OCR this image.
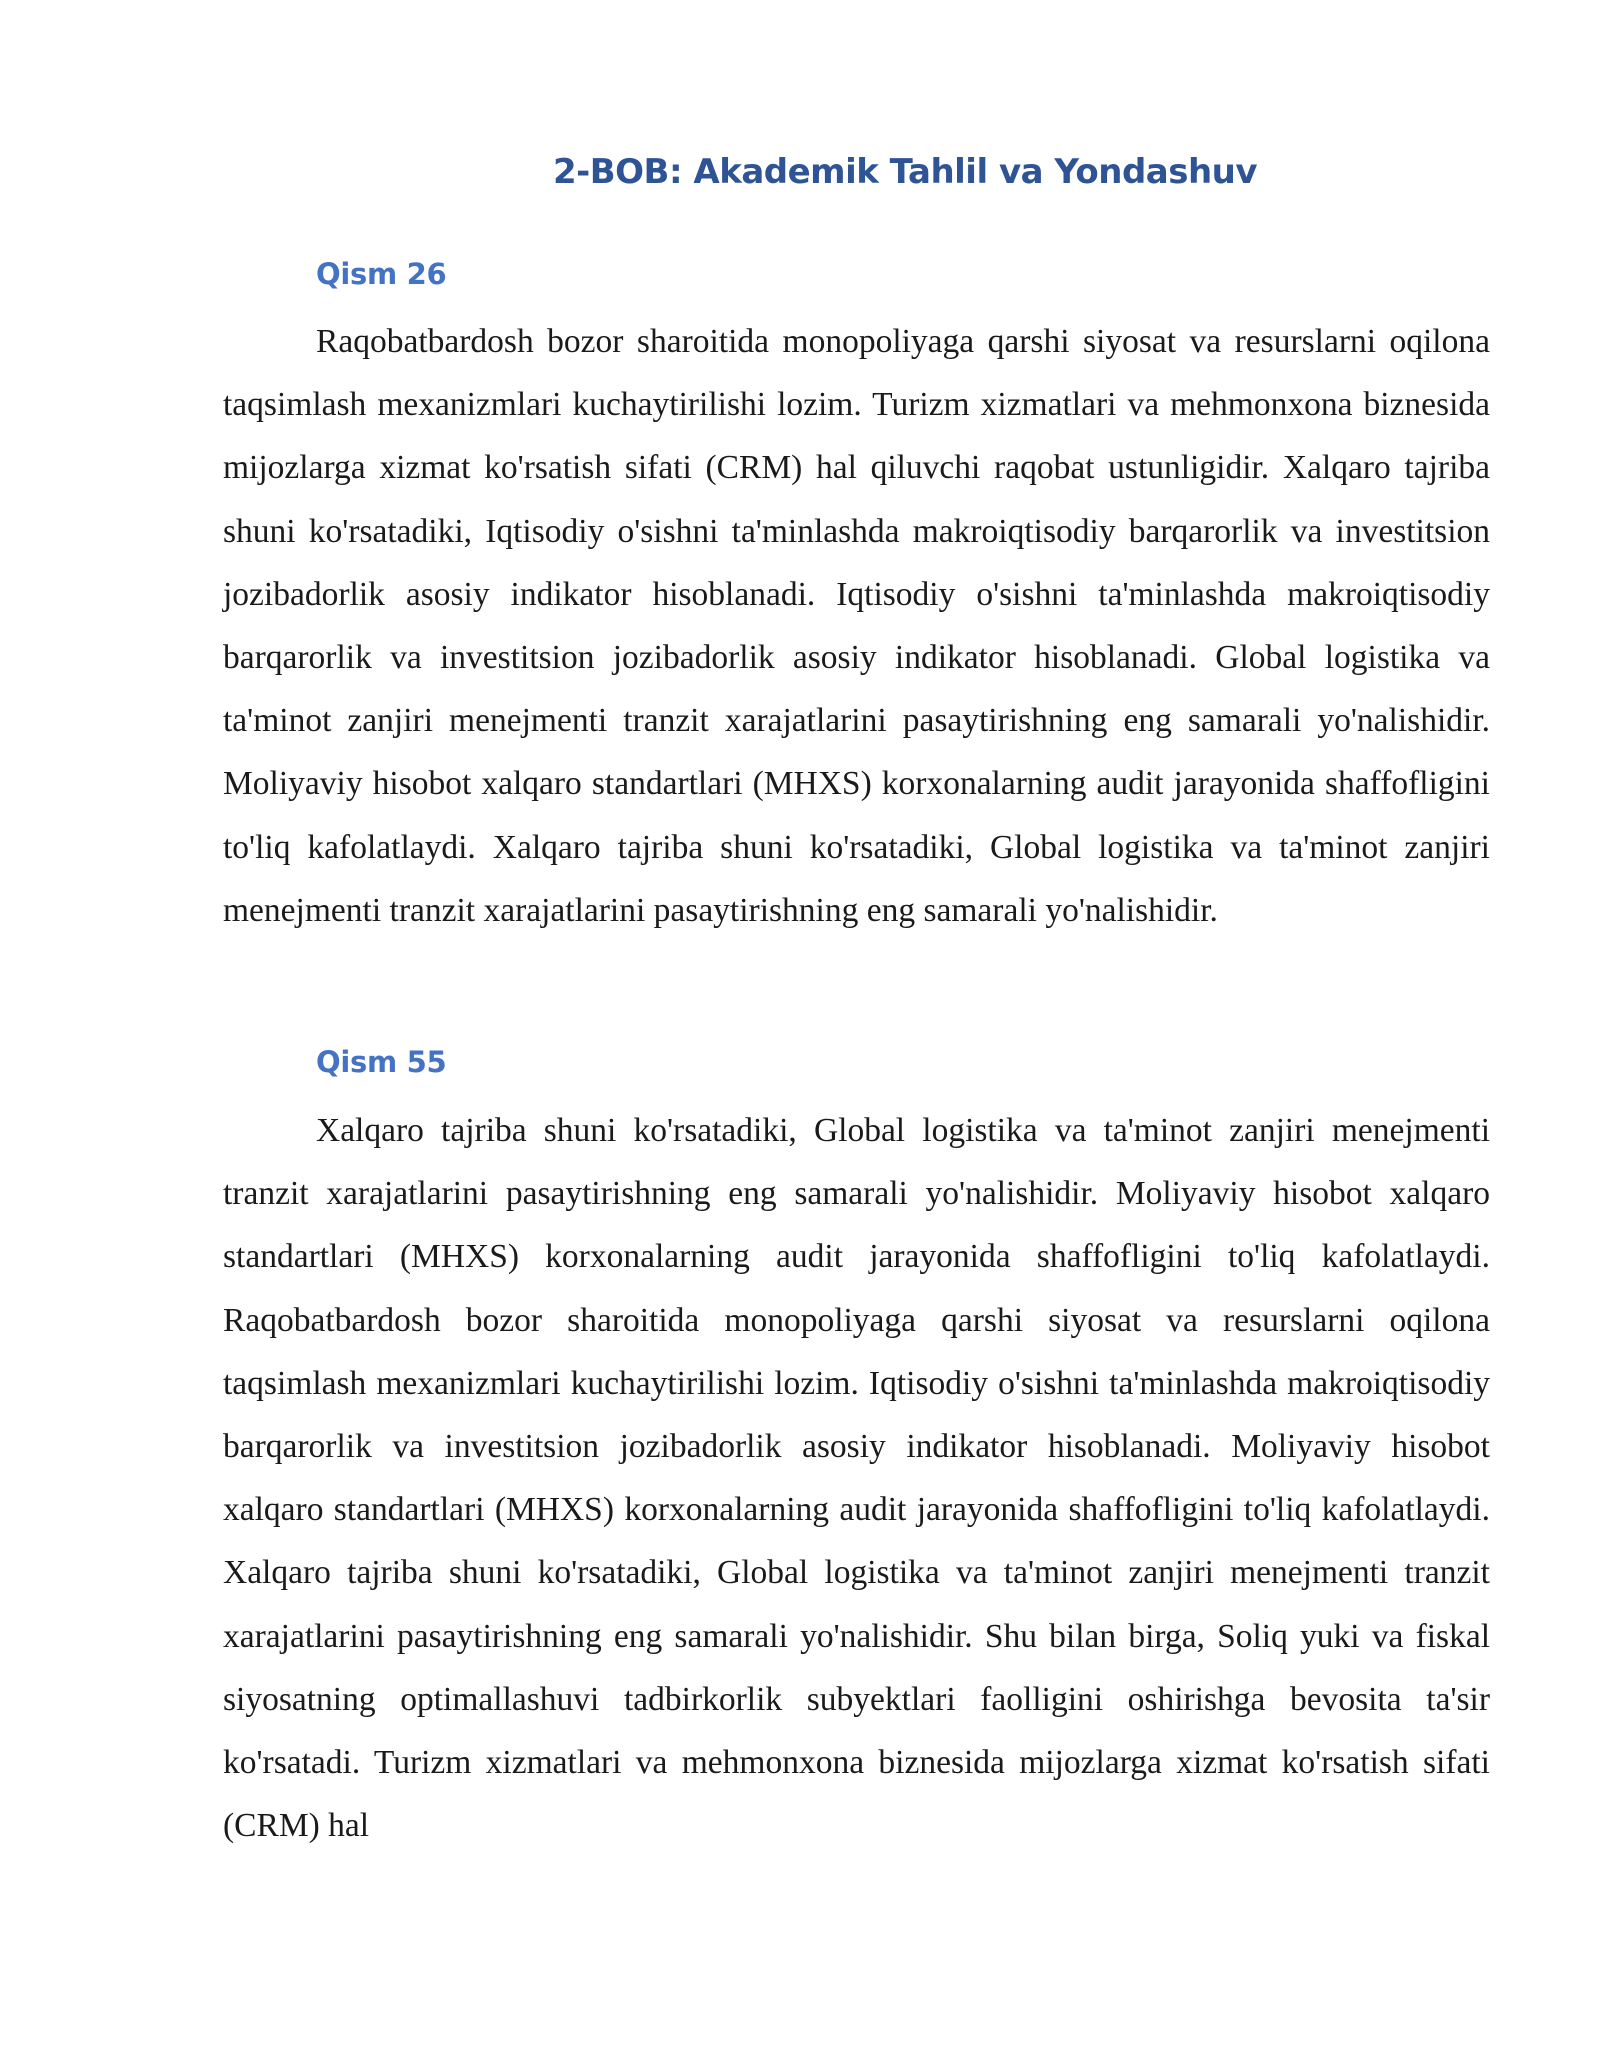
2-BOB: Akademik Tahlil va Yondashuv
Qism 26

Raqobatbardosh bozor sharoitida monopoliyaga qarshi siyosat va resurslarni oqilona taqsimlash mexanizmlari kuchaytirilishi lozim. Turizm xizmatlari va mehmonxona biznesida mijozlarga xizmat ko'rsatish sifati (CRM) hal qiluvchi raqobat ustunligidir. Xalqaro tajriba shuni ko'rsatadiki, Iqtisodiy o'sishni ta'minlashda makroiqtisodiy barqarorlik va investitsion jozibadorlik asosiy indikator hisoblanadi. Iqtisodiy o'sishni ta'minlashda makroiqtisodiy barqarorlik va investitsion jozibadorlik asosiy indikator hisoblanadi. Global logistika va ta'minot zanjiri menejmenti tranzit xarajatlarini pasaytirishning eng samarali yo'nalishidir. Moliyaviy hisobot xalqaro standartlari (MHXS) korxonalarning audit jarayonida shaffofligini to'liq kafolatlaydi. Xalqaro tajriba shuni ko'rsatadiki, Global logistika va ta'minot zanjiri menejmenti tranzit xarajatlarini pasaytirishning eng samarali yo'nalishidir.

Qism 55

Xalqaro tajriba shuni ko'rsatadiki, Global logistika va ta'minot zanjiri menejmenti tranzit xarajatlarini pasaytirishning eng samarali yo'nalishidir. Moliyaviy hisobot xalqaro standartlari (MHXS) korxonalarning audit jarayonida shaffofligini to'liq kafolatlaydi. Raqobatbardosh bozor sharoitida monopoliyaga qarshi siyosat va resurslarni oqilona taqsimlash mexanizmlari kuchaytirilishi lozim. Iqtisodiy o'sishni ta'minlashda makroiqtisodiy barqarorlik va investitsion jozibadorlik asosiy indikator hisoblanadi. Moliyaviy hisobot xalqaro standartlari (MHXS) korxonalarning audit jarayonida shaffofligini to'liq kafolatlaydi. Xalqaro tajriba shuni ko'rsatadiki, Global logistika va ta'minot zanjiri menejmenti tranzit xarajatlarini pasaytirishning eng samarali yo'nalishidir. Shu bilan birga, Soliq yuki va fiskal siyosatning optimallashuvi tadbirkorlik subyektlari faolligini oshirishga bevosita ta'sir ko'rsatadi. Turizm xizmatlari va mehmonxona biznesida mijozlarga xizmat ko'rsatish sifati (CRM) hal
